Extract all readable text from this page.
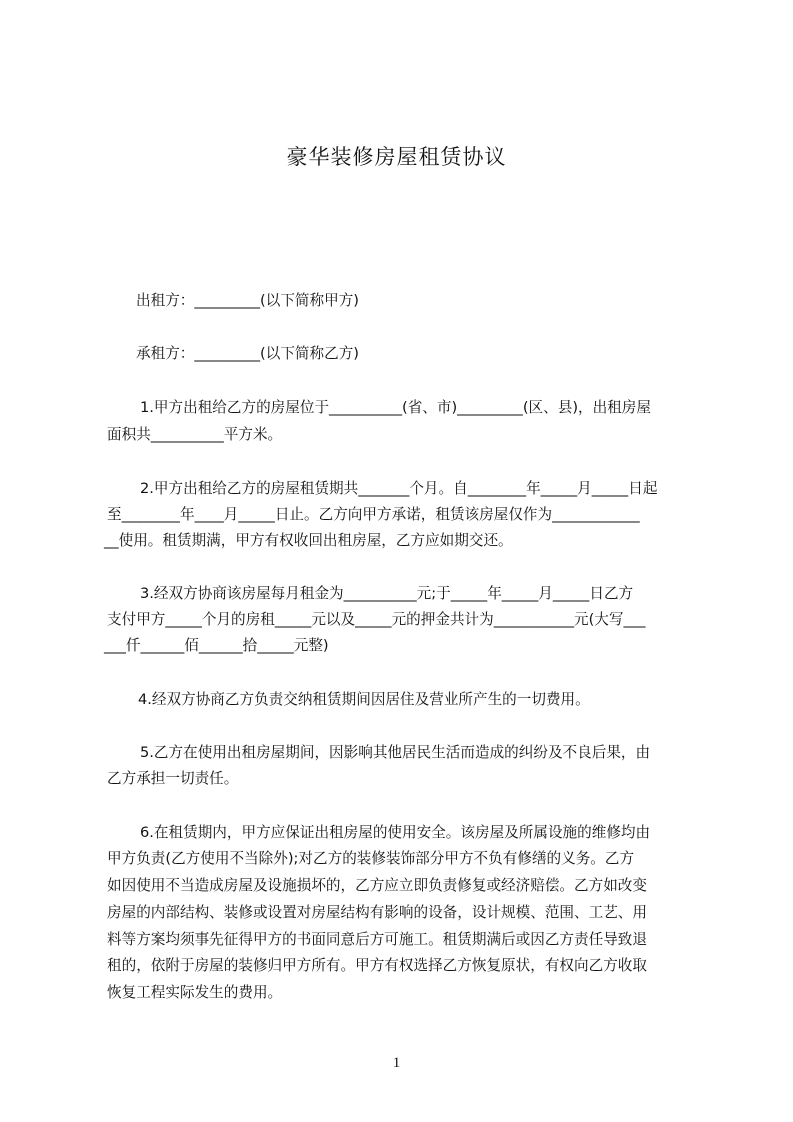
豪华装修房屋租赁协议

出租方：_________(以下简称甲方)

承租方：_________(以下简称乙方)

1.甲方出租给乙方的房屋位于__________(省、市)_________(区、县)，出租房屋

面积共__________平方米。

2.甲方出租给乙方的房屋租赁期共_______个月。自________年_____月_____日起

至________年____月_____日止。乙方向甲方承诺，租赁该房屋仅作为____________

__使用。租赁期满，甲方有权收回出租房屋，乙方应如期交还。

3.经双方协商该房屋每月租金为__________元;于_____年_____月_____日乙方

支付甲方_____个月的房租_____元以及_____元的押金共计为___________元(大写___

___仟______佰______拾_____元整)

4.经双方协商乙方负责交纳租赁期间因居住及营业所产生的一切费用。

5.乙方在使用出租房屋期间，因影响其他居民生活而造成的纠纷及不良后果，由

乙方承担一切责任。

6.在租赁期内，甲方应保证出租房屋的使用安全。该房屋及所属设施的维修均由

甲方负责(乙方使用不当除外);对乙方的装修装饰部分甲方不负有修缮的义务。乙方

如因使用不当造成房屋及设施损坏的，乙方应立即负责修复或经济赔偿。乙方如改变

房屋的内部结构、装修或设置对房屋结构有影响的设备，设计规模、范围、工艺、用

料等方案均须事先征得甲方的书面同意后方可施工。租赁期满后或因乙方责任导致退

租的，依附于房屋的装修归甲方所有。甲方有权选择乙方恢复原状，有权向乙方收取

恢复工程实际发生的费用。

1
